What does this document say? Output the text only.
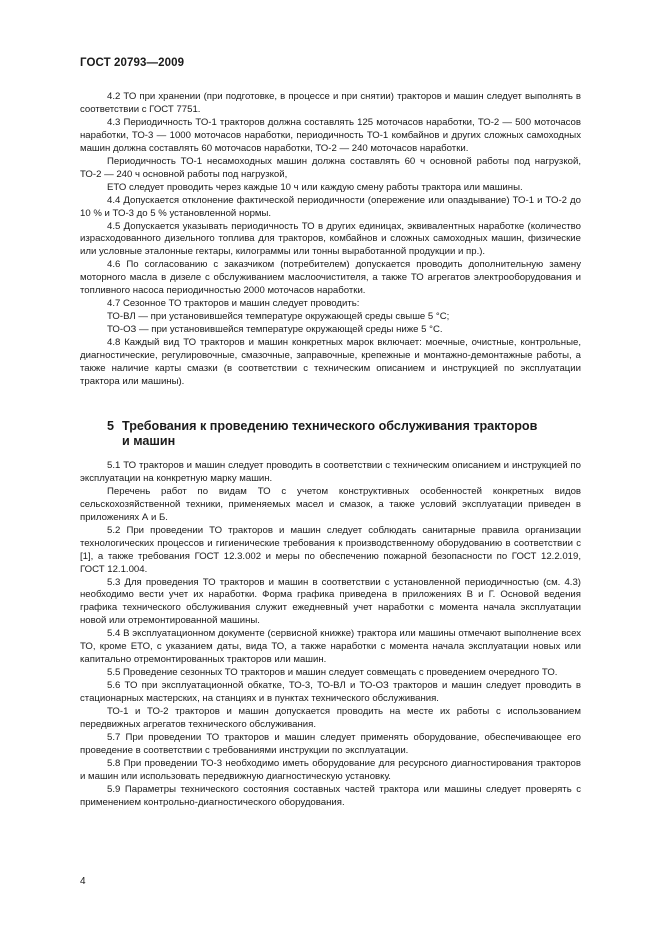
ГОСТ 20793—2009

4.2 ТО при хранении (при подготовке, в процессе и при снятии) тракторов и машин следует выполнять в соответствии с ГОСТ 7751.

4.3 Периодичность ТО-1 тракторов должна составлять 125 моточасов наработки, ТО-2 — 500 моточасов наработки, ТО-3 — 1000 моточасов наработки, периодичность ТО-1 комбайнов и других сложных самоходных машин должна составлять 60 моточасов наработки, ТО-2 — 240 моточасов наработки.

Периодичность ТО-1 несамоходных машин должна составлять 60 ч основной работы под нагрузкой, ТО-2 — 240 ч основной работы под нагрузкой,

ЕТО следует проводить через каждые 10 ч или каждую смену работы трактора или машины.

4.4 Допускается отклонение фактической периодичности (опережение или опаздывание) ТО-1 и ТО-2 до 10 % и ТО-3 до 5 % установленной нормы.

4.5 Допускается указывать периодичность ТО в других единицах, эквивалентных наработке (количество израсходованного дизельного топлива для тракторов, комбайнов и сложных самоходных машин, физические или условные эталонные гектары, килограммы или тонны выработанной продукции и пр.).

4.6 По согласованию с заказчиком (потребителем) допускается проводить дополнительную замену моторного масла в дизеле с обслуживанием маслоочистителя, а также ТО агрегатов электрооборудования и топливного насоса периодичностью 2000 моточасов наработки.

4.7 Сезонное ТО тракторов и машин следует проводить:

ТО-ВЛ — при установившейся температуре окружающей среды свыше 5 °С;

ТО-ОЗ — при установившейся температуре окружающей среды ниже 5 °С.

4.8 Каждый вид ТО тракторов и машин конкретных марок включает: моечные, очистные, контрольные, диагностические, регулировочные, смазочные, заправочные, крепежные и монтажно-демонтажные работы, а также наличие карты смазки (в соответствии с техническим описанием и инструкцией по эксплуатации трактора или машины).

5 Требования к проведению технического обслуживания тракторов
и машин

5.1 ТО тракторов и машин следует проводить в соответствии с техническим описанием и инструкцией по эксплуатации на конкретную марку машин.

Перечень работ по видам ТО с учетом конструктивных особенностей конкретных видов сельскохозяйственной техники, применяемых масел и смазок, а также условий эксплуатации приведен в приложениях А и Б.

5.2 При проведении ТО тракторов и машин следует соблюдать санитарные правила организации технологических процессов и гигиенические требования к производственному оборудованию в соответствии с [1], а также требования ГОСТ 12.3.002 и меры по обеспечению пожарной безопасности по ГОСТ 12.2.019, ГОСТ 12.1.004.

5.3 Для проведения ТО тракторов и машин в соответствии с установленной периодичностью (см. 4.3) необходимо вести учет их наработки. Форма графика приведена в приложениях В и Г. Основой ведения графика технического обслуживания служит ежедневный учет наработки с момента начала эксплуатации новой или отремонтированной машины.

5.4 В эксплуатационном документе (сервисной книжке) трактора или машины отмечают выполнение всех ТО, кроме ЕТО, с указанием даты, вида ТО, а также наработки с момента начала эксплуатации новых или капитально отремонтированных тракторов или машин.

5.5 Проведение сезонных ТО тракторов и машин следует совмещать с проведением очередного ТО.

5.6 ТО при эксплуатационной обкатке, ТО-3, ТО-ВЛ и ТО-ОЗ тракторов и машин следует проводить в стационарных мастерских, на станциях и в пунктах технического обслуживания.

ТО-1 и ТО-2 тракторов и машин допускается проводить на месте их работы с использованием передвижных агрегатов технического обслуживания.

5.7 При проведении ТО тракторов и машин следует применять оборудование, обеспечивающее его проведение в соответствии с требованиями инструкции по эксплуатации.

5.8 При проведении ТО-3 необходимо иметь оборудование для ресурсного диагностирования тракторов и машин или использовать передвижную диагностическую установку.

5.9 Параметры технического состояния составных частей трактора или машины следует проверять с применением контрольно-диагностического оборудования.

4
